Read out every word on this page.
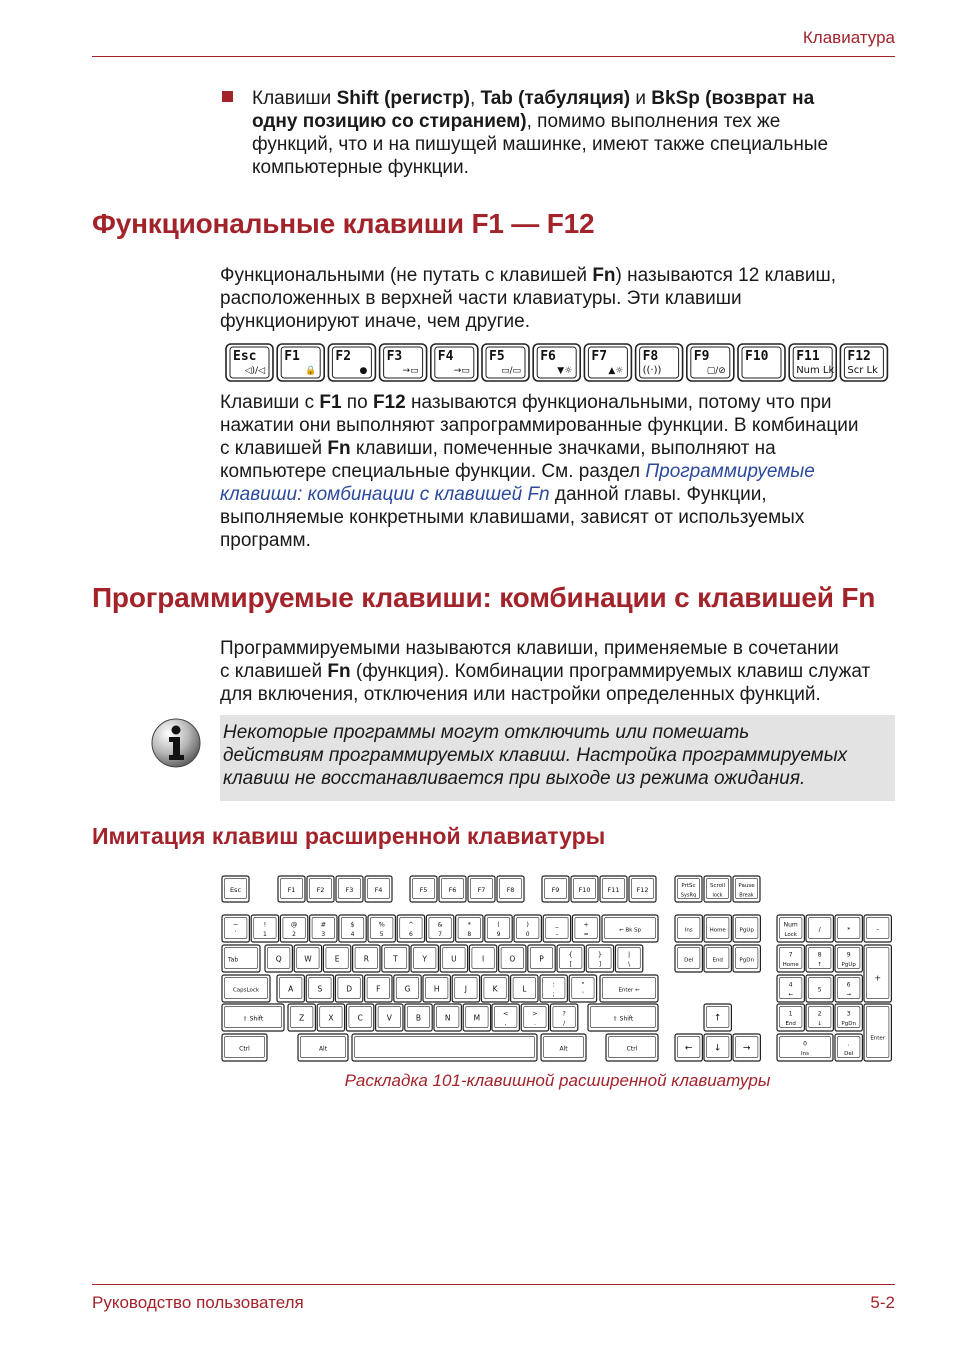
Клавиатура

Клавиши Shift (регистр), Tab (табуляция) и BkSp (возврат на
одну позицию со стиранием), помимо выполнения тех же
функций, что и на пишущей машинке, имеют также специальные
компьютерные функции.

Функциональные клавиши F1 — F12

Функциональными (не путать с клавишей Fn) называются 12 клавиш,
расположенных в верхней части клавиатуры. Эти клавиши
функционируют иначе, чем другие.

Esc
◁)/◁
F1
🔒
F2
●
F3
→▭
F4
→▭
F5
▭/▭
F6
▼☼
F7
▲☼
F8
((·))
F9
▢/⊘
F10 F11
Num Lk
F12
Scr Lk

Клавиши с F1 по F12 называются функциональными, потому что при
нажатии они выполняют запрограммированные функции. В комбинации
с клавишей Fn клавиши, помеченные значками, выполняют на
компьютере специальные функции. См. раздел Программируемые
клавиши: комбинации с клавишей Fn данной главы. Функции,
выполняемые конкретными клавишами, зависят от используемых
программ.

Программируемые клавиши: комбинации с клавишей Fn

Программируемыми называются клавиши, применяемые в сочетании
с клавишей Fn (функция). Комбинации программируемых клавиш служат
для включения, отключения или настройки определенных функций.

Некоторые программы могут отключить или помешать
действиям программируемых клавиш. Настройка программируемых
клавиш не восстанавливается при выходе из режима ожидания.

Имитация клавиш расширенной клавиатуры
Esc	F1	F2	F3	F4	F5	F6	F7	F8	F9	F10	F11	F12
PrtSc
SysRq
Scroll
lock
Pause
Break
~
`
!
1
@
2
#
3
$
4
%
5
^
6
&
7
*
8
(
9
)
0
_
–
+
=
← Bk Sp
Tab	Q	W	E	R	T	Y	U	I	O	P
{
[
}
]
|
\
CapsLock	A	S	D	F	G	H	J	K	L
:
;
"
'
Enter ←
⇧ Shift	Z	X	C	V	B	N	M
<
,
>
.
?
/
⇧ Shift
Ctrl	Alt	Alt	Ctrl
Ins	Home PgUp
Del	End	PgDn
↑
← ↓ →
Num
Lock
/	*	–
7
Home
8
↑
9
PgUp
4
←
5
6
→
1
End
2
↓
3
PgDn
+
Enter
0
Ins
.
Del
Раскладка 101-клавишной расширенной клавиатуры
Руководство пользователя	5-2
